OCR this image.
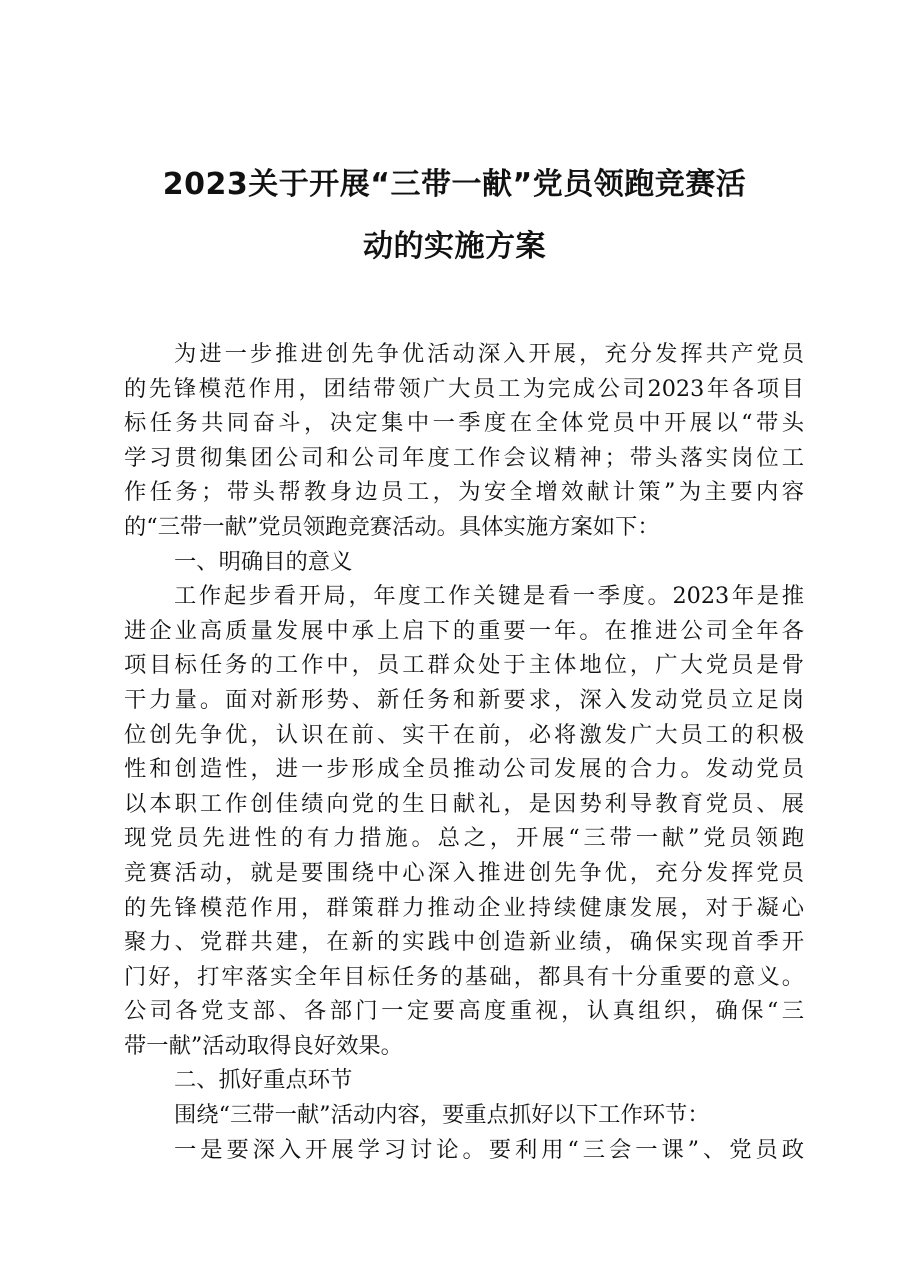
2023关于开展“三带一献”党员领跑竞赛活
动的实施方案
为进一步推进创先争优活动深入开展，充分发挥共产党员
的先锋模范作用，团结带领广大员工为完成公司2023年各项目
标任务共同奋斗，决定集中一季度在全体党员中开展以“带头
学习贯彻集团公司和公司年度工作会议精神；带头落实岗位工
作任务；带头帮教身边员工，为安全增效献计策”为主要内容
的“三带一献”党员领跑竞赛活动。具体实施方案如下：
一、明确目的意义
工作起步看开局，年度工作关键是看一季度。2023年是推
进企业高质量发展中承上启下的重要一年。在推进公司全年各
项目标任务的工作中，员工群众处于主体地位，广大党员是骨
干力量。面对新形势、新任务和新要求，深入发动党员立足岗
位创先争优，认识在前、实干在前，必将激发广大员工的积极
性和创造性，进一步形成全员推动公司发展的合力。发动党员
以本职工作创佳绩向党的生日献礼，是因势利导教育党员、展
现党员先进性的有力措施。总之，开展“三带一献”党员领跑
竞赛活动，就是要围绕中心深入推进创先争优，充分发挥党员
的先锋模范作用，群策群力推动企业持续健康发展，对于凝心
聚力、党群共建，在新的实践中创造新业绩，确保实现首季开
门好，打牢落实全年目标任务的基础，都具有十分重要的意义。
公司各党支部、各部门一定要高度重视，认真组织，确保“三
带一献”活动取得良好效果。
二、抓好重点环节
围绕“三带一献”活动内容，要重点抓好以下工作环节：
一是要深入开展学习讨论。要利用“三会一课”、党员政
